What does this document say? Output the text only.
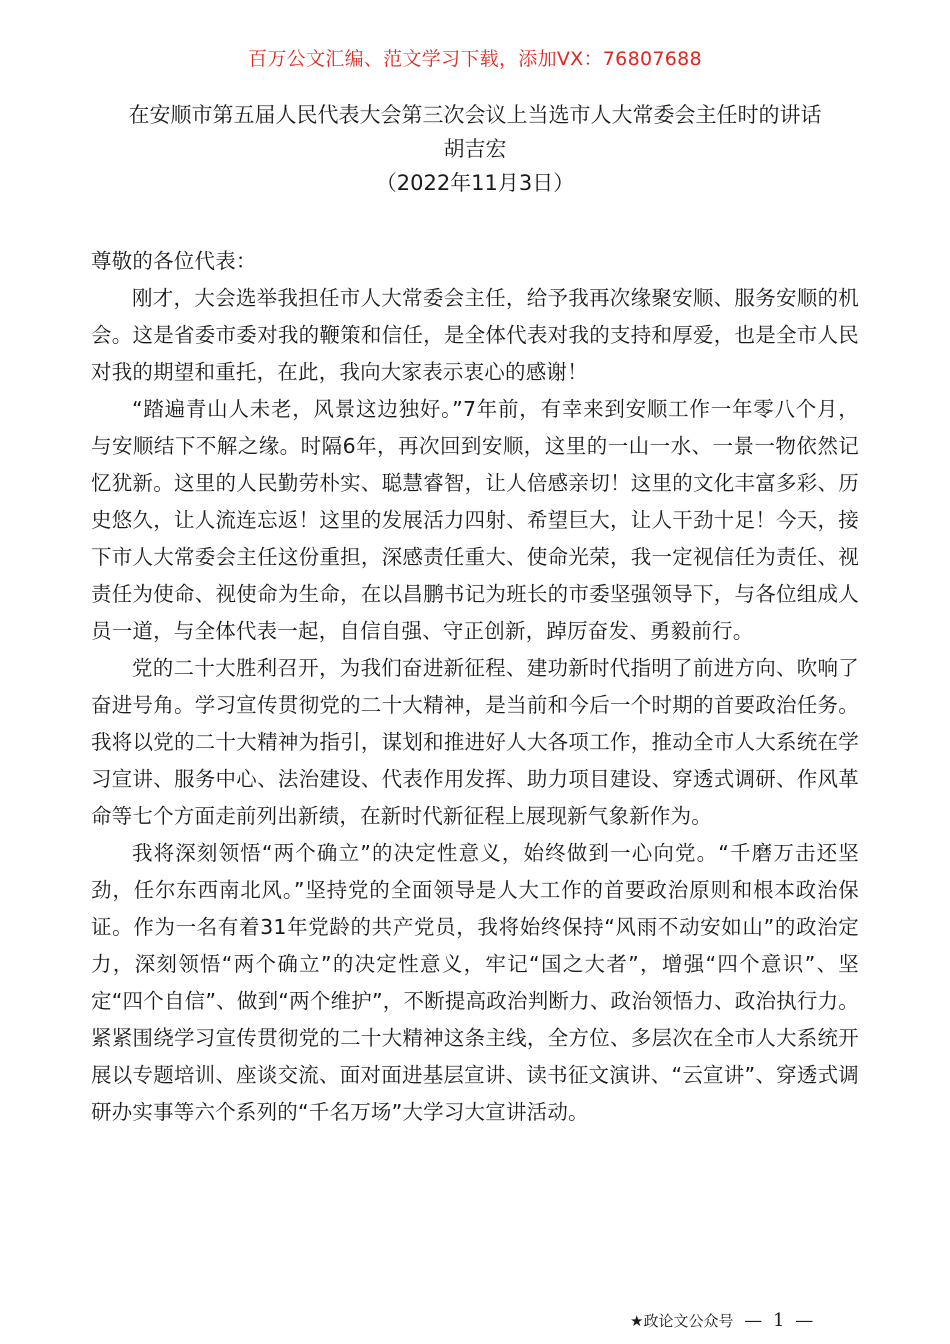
百万公文汇编、范文学习下载，添加VX：76807688
在安顺市第五届人民代表大会第三次会议上当选市人大常委会主任时的讲话
胡吉宏
（2022年11月3日）

尊敬的各位代表：

刚才，大会选举我担任市人大常委会主任，给予我再次缘聚安顺、服务安顺的机会。这是省委市委对我的鞭策和信任，是全体代表对我的支持和厚爱，也是全市人民对我的期望和重托，在此，我向大家表示衷心的感谢！

“踏遍青山人未老，风景这边独好。”7年前，有幸来到安顺工作一年零八个月，与安顺结下不解之缘。时隔6年，再次回到安顺，这里的一山一水、一景一物依然记忆犹新。这里的人民勤劳朴实、聪慧睿智，让人倍感亲切！这里的文化丰富多彩、历史悠久，让人流连忘返！这里的发展活力四射、希望巨大，让人干劲十足！今天，接下市人大常委会主任这份重担，深感责任重大、使命光荣，我一定视信任为责任、视责任为使命、视使命为生命，在以昌鹏书记为班长的市委坚强领导下，与各位组成人员一道，与全体代表一起，自信自强、守正创新，踔厉奋发、勇毅前行。

党的二十大胜利召开，为我们奋进新征程、建功新时代指明了前进方向、吹响了奋进号角。学习宣传贯彻党的二十大精神，是当前和今后一个时期的首要政治任务。我将以党的二十大精神为指引，谋划和推进好人大各项工作，推动全市人大系统在学习宣讲、服务中心、法治建设、代表作用发挥、助力项目建设、穿透式调研、作风革命等七个方面走前列出新绩，在新时代新征程上展现新气象新作为。

我将深刻领悟“两个确立”的决定性意义，始终做到一心向党。“千磨万击还坚劲，任尔东西南北风。”坚持党的全面领导是人大工作的首要政治原则和根本政治保证。作为一名有着31年党龄的共产党员，我将始终保持“风雨不动安如山”的政治定力，深刻领悟“两个确立”的决定性意义，牢记“国之大者”，增强“四个意识”、坚定“四个自信”、做到“两个维护”，不断提高政治判断力、政治领悟力、政治执行力。紧紧围绕学习宣传贯彻党的二十大精神这条主线，全方位、多层次在全市人大系统开展以专题培训、座谈交流、面对面进基层宣讲、读书征文演讲、“云宣讲”、穿透式调研办实事等六个系列的“千名万场”大学习大宣讲活动。

★政论文公众号 — 1 —
